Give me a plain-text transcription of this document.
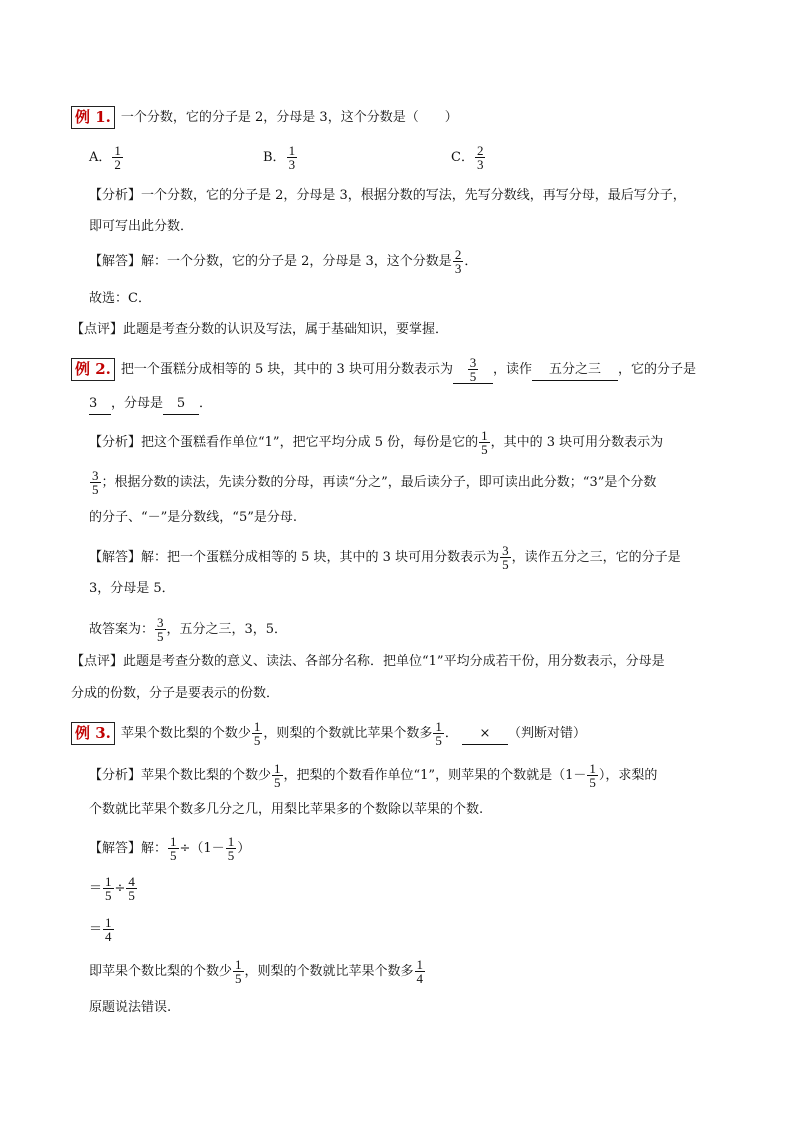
例 1. 一个分数，它的分子是 2，分母是 3，这个分数是（　　）
A． $\frac{1}{2}$	B． $\frac{1}{3}$	C． $\frac{2}{3}$
【分析】一个分数，它的分子是 2，分母是 3，根据分数的写法，先写分数线，再写分母，最后写分子，
即可写出此分数．
【解答】解：一个分数，它的分子是 2，分母是 3，这个分数是 $\frac{2}{3}$ ．
故选：C．
【点评】此题是考查分数的认识及写法，属于基础知识，要掌握．
例 2. 把一个蛋糕分成相等的 5 块，其中的 3 块可用分数表示为 $\frac{3}{5}$ ，读作 五分之三 ，它的分子是
3 ，分母是 5 ．
【分析】把这个蛋糕看作单位“1”，把它平均分成 5 份，每份是它的 $\frac{1}{5}$ ，其中的 3 块可用分数表示为
$\frac{3}{5}$ ；根据分数的读法，先读分数的分母，再读“分之”，最后读分子，即可读出此分数；“3”是个分数
的分子、“－”是分数线，“5”是分母.
【解答】解：把一个蛋糕分成相等的 5 块，其中的 3 块可用分数表示为 $\frac{3}{5}$ ，读作五分之三，它的分子是
3，分母是 5．
故答案为： $\frac{3}{5}$ ，五分之三，3，5．
【点评】此题是考查分数的意义、读法、各部分名称．把单位“1”平均分成若干份，用分数表示，分母是
分成的份数，分子是要表示的份数．
例 3. 苹果个数比梨的个数少 $\frac{1}{5}$ ，则梨的个数就比苹果个数多 $\frac{1}{5}$ ． × （判断对错）
【分析】苹果个数比梨的个数少 $\frac{1}{5}$ ，把梨的个数看作单位“1”，则苹果的个数就是（$1- \frac{1}{5}$ ），求梨的
个数就比苹果个数多几分之几，用梨比苹果多的个数除以苹果的个数.
【解答】解： $\frac{1}{5} \div(1- \frac{1}{5}$ ）
＝ $\frac{1}{5} \div \frac{4}{5}$
＝ $\frac{1}{4}$
即苹果个数比梨的个数少 $\frac{1}{5}$ ，则梨的个数就比苹果个数多 $\frac{1}{4}$
原题说法错误.
